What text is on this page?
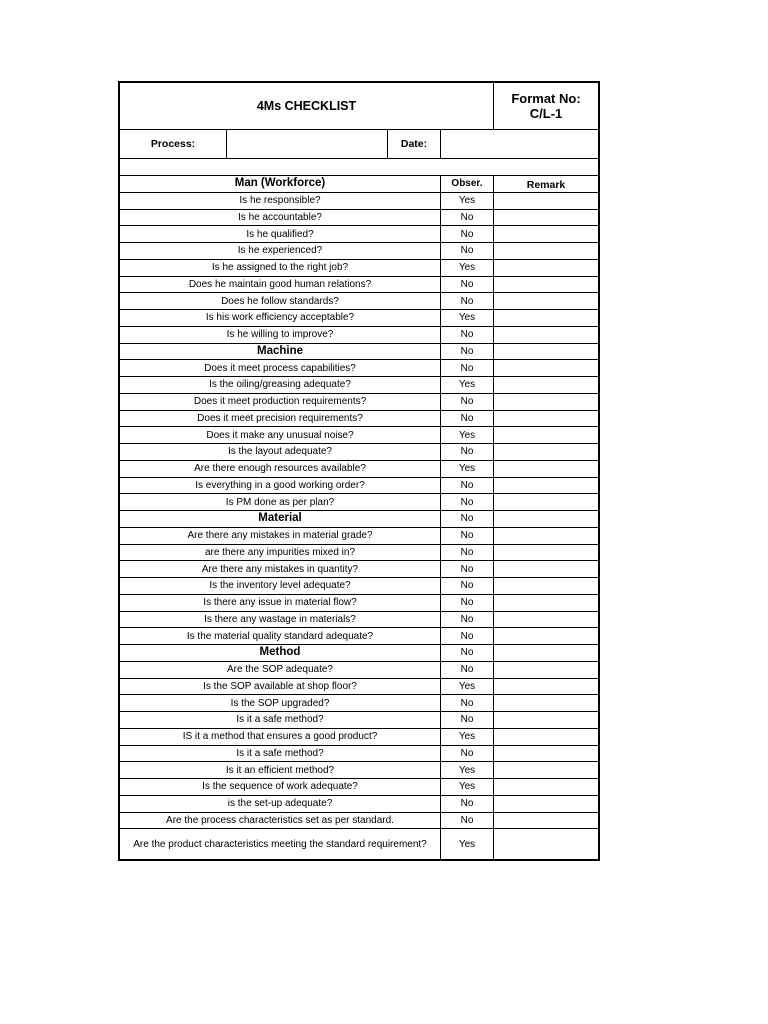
4Ms CHECKLIST	Format No:
C/L-1
Process:	Date:
Man (Workforce)	Obser.	Remark
Is he responsible?	Yes
Is he accountable?	No
Is he qualified?	No
Is he experienced?	No
Is he assigned to the right job?	Yes
Does he maintain good human relations?	No
Does he follow standards?	No
Is his work efficiency acceptable?	Yes
Is he willing to improve?	No
Machine	No
Does it meet process capabilities?	No
Is the oiling/greasing adequate?	Yes
Does it meet production requirements?	No
Does it meet precision requirements?	No
Does it make any unusual noise?	Yes
Is the layout adequate?	No
Are there enough resources available?	Yes
Is everything in a good working order?	No
Is PM done as per plan?	No
Material	No
Are there any mistakes in material grade?	No
are there any impurities mixed in?	No
Are there any mistakes in quantity?	No
Is the inventory level adequate?	No
Is there any issue in material flow?	No
Is there any wastage in materials?	No
Is the material quality standard adequate?	No
Method	No
Are the SOP adequate?	No
Is the SOP available at shop floor?	Yes
Is the SOP upgraded?	No
Is it a safe method?	No
IS it a method that ensures a good product?	Yes
Is it a safe method?	No
Is it an efficient method?	Yes
Is the sequence of work adequate?	Yes
is the set-up adequate?	No
Are the process characteristics set as per standard.	No
Are the product characteristics meeting the standard requirement?	Yes
